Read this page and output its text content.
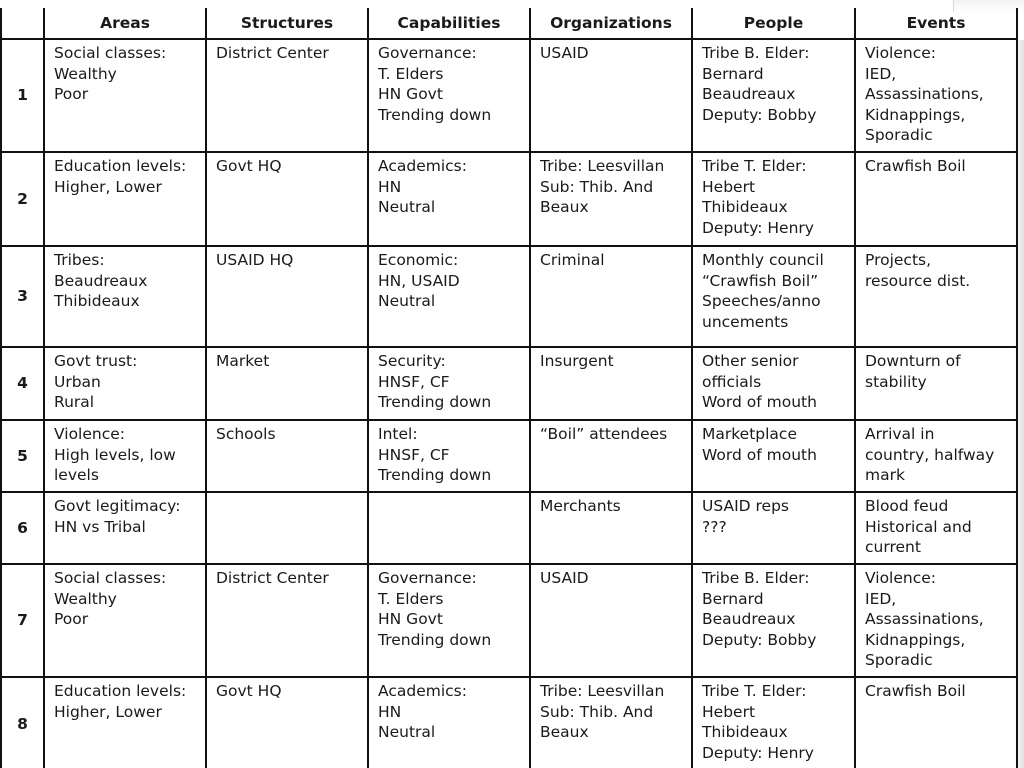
	Areas	Structures	Capabilities	Organizations	People	Events
1	Social classes:
Wealthy
Poor	District Center	Governance:
T. Elders
HN Govt
Trending down	USAID	Tribe B. Elder:
Bernard
Beaudreaux
Deputy: Bobby	Violence:
IED,
Assassinations,
Kidnappings,
Sporadic
2	Education levels:
Higher, Lower	Govt HQ	Academics:
HN
Neutral	Tribe: Leesvillan
Sub: Thib. And
Beaux	Tribe T. Elder:
Hebert
Thibideaux
Deputy: Henry	Crawfish Boil
3	Tribes:
Beaudreaux
Thibideaux	USAID HQ	Economic:
HN, USAID
Neutral	Criminal	Monthly council
“Crawfish Boil”
Speeches/anno
uncements	Projects,
resource dist.
4	Govt trust:
Urban
Rural	Market	Security:
HNSF, CF
Trending down	Insurgent	Other senior
officials
Word of mouth	Downturn of
stability
5	Violence:
High levels, low
levels	Schools	Intel:
HNSF, CF
Trending down	“Boil” attendees	Marketplace
Word of mouth	Arrival in
country, halfway
mark
6	Govt legitimacy:
HN vs Tribal			Merchants	USAID reps
???	Blood feud
Historical and
current
7	Social classes:
Wealthy
Poor	District Center	Governance:
T. Elders
HN Govt
Trending down	USAID	Tribe B. Elder:
Bernard
Beaudreaux
Deputy: Bobby	Violence:
IED,
Assassinations,
Kidnappings,
Sporadic
8	Education levels:
Higher, Lower	Govt HQ	Academics:
HN
Neutral	Tribe: Leesvillan
Sub: Thib. And
Beaux	Tribe T. Elder:
Hebert
Thibideaux
Deputy: Henry	Crawfish Boil
